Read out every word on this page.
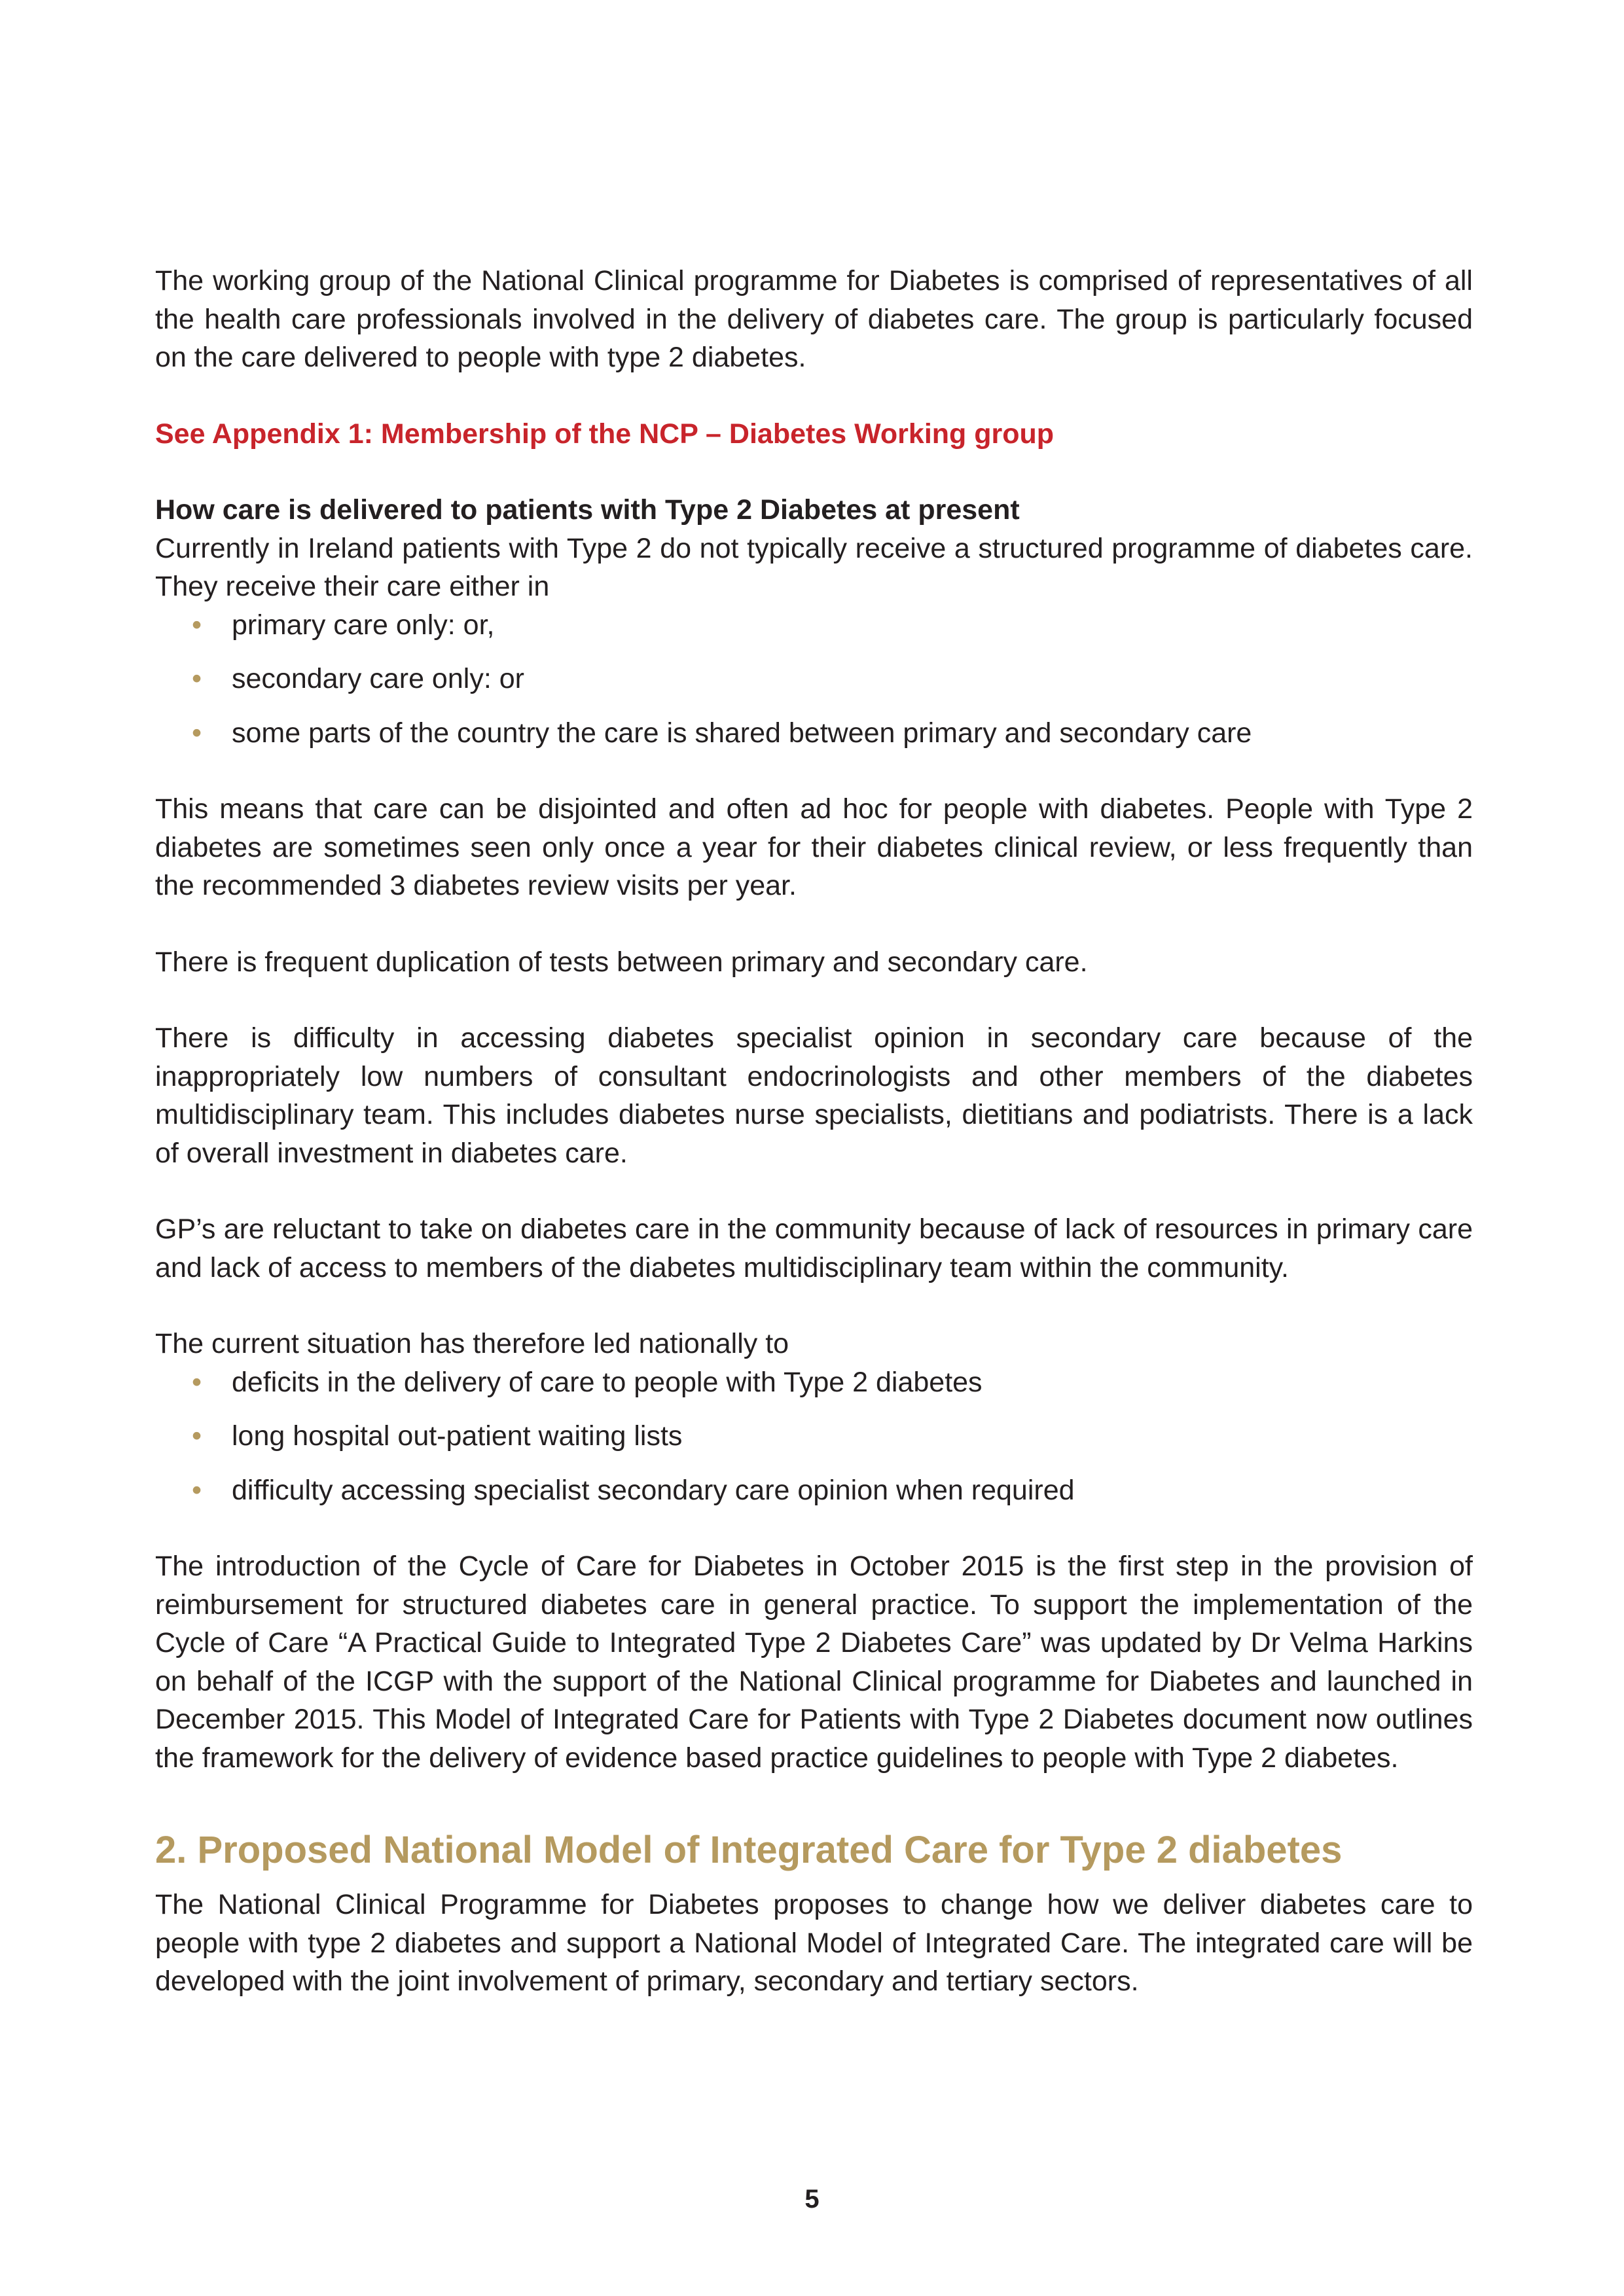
The working group of the National Clinical programme for Diabetes is comprised of representatives of all the health care professionals involved in the delivery of diabetes care. The group is particularly focused on the care delivered to people with type 2 diabetes.

See Appendix 1: Membership of the NCP – Diabetes Working group

How care is delivered to patients with Type 2 Diabetes at present

Currently in Ireland patients with Type 2 do not typically receive a structured programme of diabetes care. They receive their care either in

• primary care only: or,
• secondary care only: or
• some parts of the country the care is shared between primary and secondary care

This means that care can be disjointed and often ad hoc for people with diabetes. People with Type 2 diabetes are sometimes seen only once a year for their diabetes clinical review, or less frequently than the recommended 3 diabetes review visits per year.

There is frequent duplication of tests between primary and secondary care.

There is difficulty in accessing diabetes specialist opinion in secondary care because of the inappropriately low numbers of consultant endocrinologists and other members of the diabetes multidisciplinary team. This includes diabetes nurse specialists, dietitians and podiatrists. There is a lack of overall investment in diabetes care.

GP’s are reluctant to take on diabetes care in the community because of lack of resources in primary care and lack of access to members of the diabetes multidisciplinary team within the community.

The current situation has therefore led nationally to

• deficits in the delivery of care to people with Type 2 diabetes
• long hospital out-patient waiting lists
• difficulty accessing specialist secondary care opinion when required

The introduction of the Cycle of Care for Diabetes in October 2015 is the first step in the provision of reimbursement for structured diabetes care in general practice. To support the implementation of the Cycle of Care “A Practical Guide to Integrated Type 2 Diabetes Care” was updated by Dr Velma Harkins on behalf of the ICGP with the support of the National Clinical programme for Diabetes and launched in December 2015. This Model of Integrated Care for Patients with Type 2 Diabetes document now outlines the framework for the delivery of evidence based practice guidelines to people with Type 2 diabetes.

2. Proposed National Model of Integrated Care for Type 2 diabetes

The National Clinical Programme for Diabetes proposes to change how we deliver diabetes care to people with type 2 diabetes and support a National Model of Integrated Care. The integrated care will be developed with the joint involvement of primary, secondary and tertiary sectors.

5
